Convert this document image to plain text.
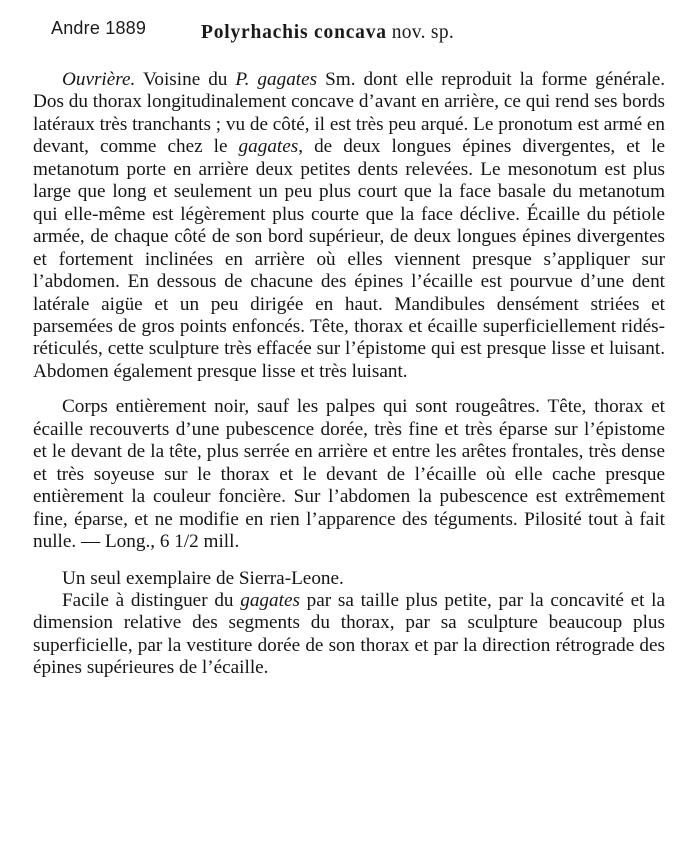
Andre 1889	Polyrhachis concava nov. sp.

Ouvrière. Voisine du P. gagates Sm. dont elle reproduit la forme générale. Dos du thorax longitudinalement concave d’avant en arrière, ce qui rend ses bords latéraux très tranchants ; vu de côté, il est très peu arqué. Le pronotum est armé en devant, comme chez le gagates, de deux longues épines divergentes, et le metanotum porte en arrière deux petites dents relevées. Le mesonotum est plus large que long et seulement un peu plus court que la face basale du metanotum qui elle-même est légèrement plus courte que la face déclive. Écaille du pétiole armée, de chaque côté de son bord supérieur, de deux longues épines divergentes et fortement inclinées en arrière où elles viennent presque s’appliquer sur l’abdomen. En dessous de chacune des épines l’écaille est pourvue d’une dent latérale aigüe et un peu dirigée en haut. Mandibules densément striées et parsemées de gros points enfoncés. Tête, thorax et écaille superficiellement ridés-réticulés, cette sculpture très effacée sur l’épistome qui est presque lisse et luisant. Abdomen également presque lisse et très luisant.

Corps entièrement noir, sauf les palpes qui sont rougeâtres. Tête, thorax et écaille recouverts d’une pubescence dorée, très fine et très éparse sur l’épistome et le devant de la tête, plus serrée en arrière et entre les arêtes frontales, très dense et très soyeuse sur le thorax et le devant de l’écaille où elle cache presque entièrement la couleur foncière. Sur l’abdomen la pubescence est extrêmement fine, éparse, et ne modifie en rien l’apparence des téguments. Pilosité tout à fait nulle. — Long., 6 1/2 mill.

Un seul exemplaire de Sierra-Leone.

Facile à distinguer du gagates par sa taille plus petite, par la concavité et la dimension relative des segments du thorax, par sa sculpture beaucoup plus superficielle, par la vestiture dorée de son thorax et par la direction rétrograde des épines supérieures de l’écaille.
